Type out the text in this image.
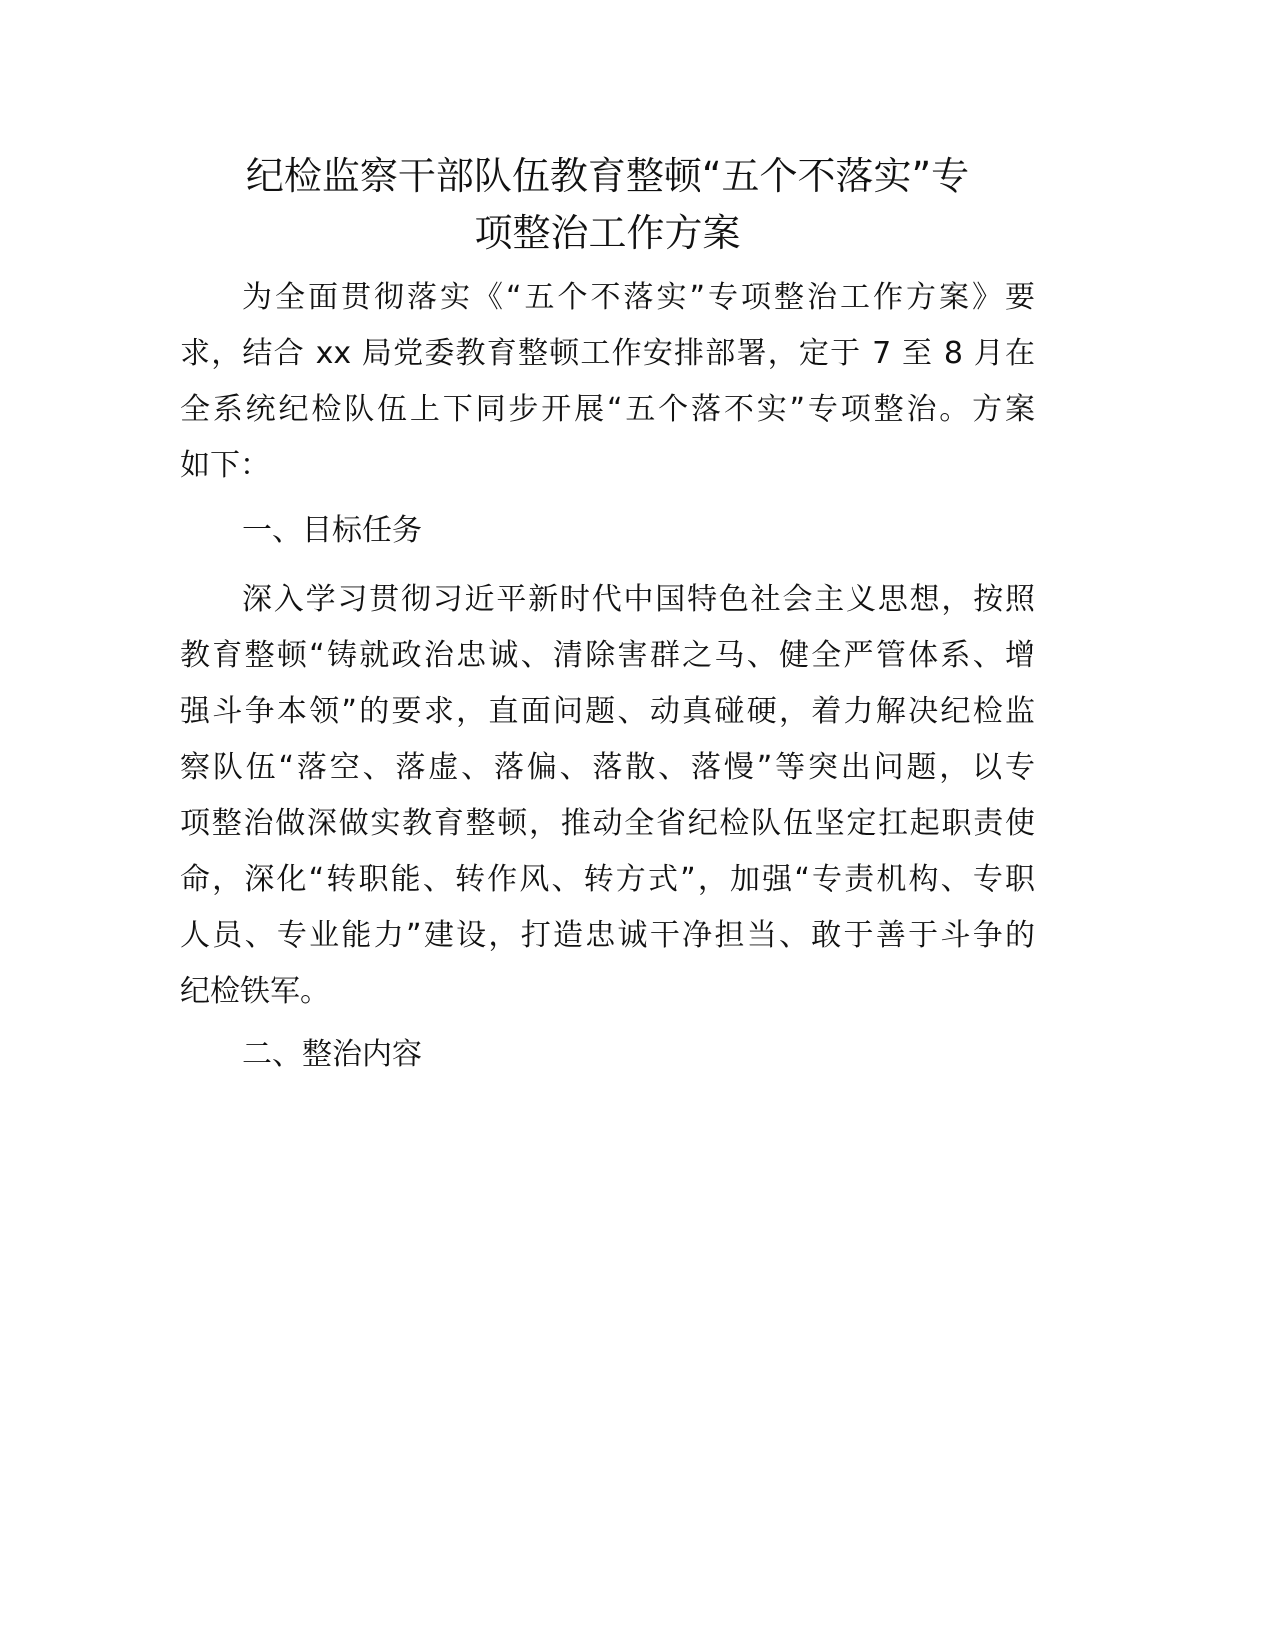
纪检监察干部队伍教育整顿“五个不落实”专
项整治工作方案
为全面贯彻落实《“五个不落实”专项整治工作方案》要
求，结合 xx 局党委教育整顿工作安排部署，定于 7 至 8 月在
全系统纪检队伍上下同步开展“五个落不实”专项整治。方案
如下：
一、目标任务
深入学习贯彻习近平新时代中国特色社会主义思想，按照
教育整顿“铸就政治忠诚、清除害群之马、健全严管体系、增
强斗争本领”的要求，直面问题、动真碰硬，着力解决纪检监
察队伍“落空、落虚、落偏、落散、落慢”等突出问题，以专
项整治做深做实教育整顿，推动全省纪检队伍坚定扛起职责使
命，深化“转职能、转作风、转方式”，加强“专责机构、专职
人员、专业能力”建设，打造忠诚干净担当、敢于善于斗争的
纪检铁军。
二、整治内容
